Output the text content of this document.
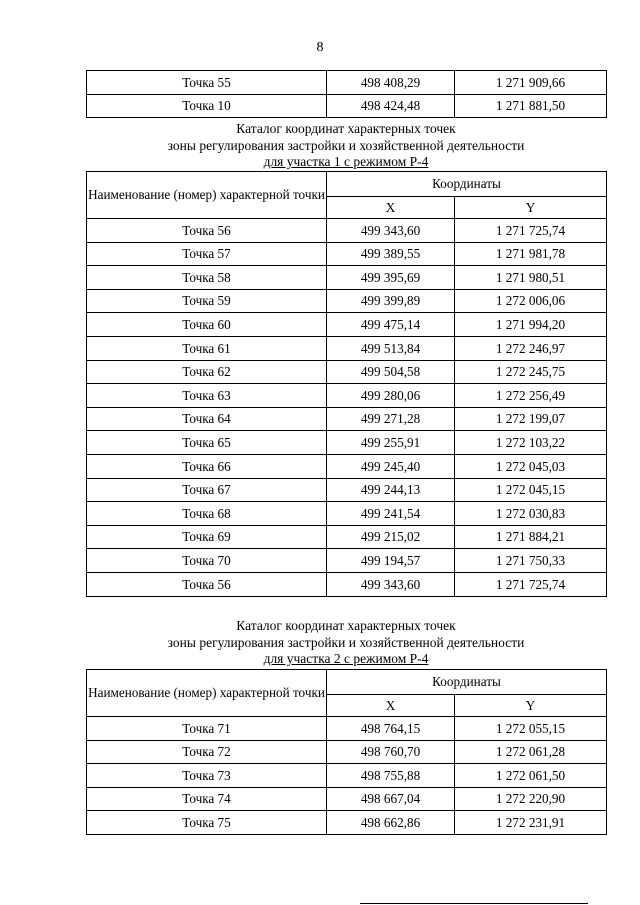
8
Точка 55	498 408,29	1 271 909,66
Точка 10	498 424,48	1 271 881,50
Каталог координат характерных точек
зоны регулирования застройки и хозяйственной деятельности
для участка 1 с режимом Р-4
Наименование (номер) характерной точки	Координаты	
	X	Y
Точка 56	499 343,60	1 271 725,74
Точка 57	499 389,55	1 271 981,78
Точка 58	499 395,69	1 271 980,51
Точка 59	499 399,89	1 272 006,06
Точка 60	499 475,14	1 271 994,20
Точка 61	499 513,84	1 272 246,97
Точка 62	499 504,58	1 272 245,75
Точка 63	499 280,06	1 272 256,49
Точка 64	499 271,28	1 272 199,07
Точка 65	499 255,91	1 272 103,22
Точка 66	499 245,40	1 272 045,03
Точка 67	499 244,13	1 272 045,15
Точка 68	499 241,54	1 272 030,83
Точка 69	499 215,02	1 271 884,21
Точка 70	499 194,57	1 271 750,33
Точка 56	499 343,60	1 271 725,74
Каталог координат характерных точек
зоны регулирования застройки и хозяйственной деятельности
для участка 2 с режимом Р-4
Наименование (номер) характерной точки	Координаты	
	X	Y
Точка 71	498 764,15	1 272 055,15
Точка 72	498 760,70	1 272 061,28
Точка 73	498 755,88	1 272 061,50
Точка 74	498 667,04	1 272 220,90
Точка 75	498 662,86	1 272 231,91
